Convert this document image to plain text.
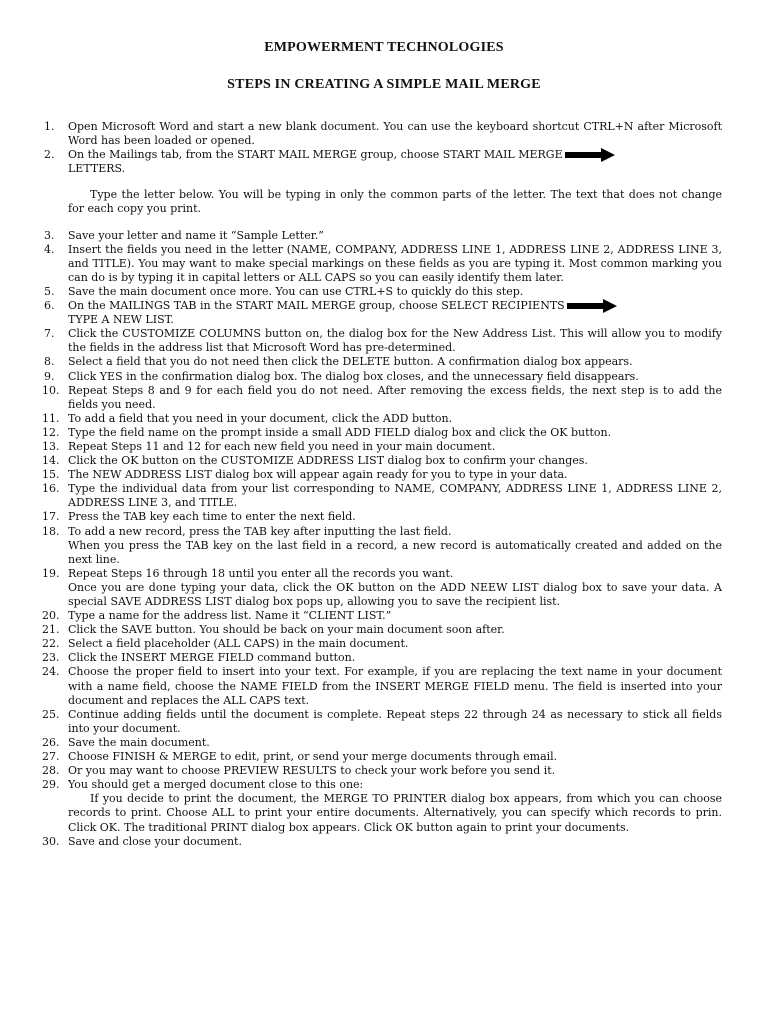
EMPOWERMENT TECHNOLOGIES
STEPS IN CREATING A SIMPLE MAIL MERGE
1. Open Microsoft Word and start a new blank document. You can use the keyboard shortcut CTRL+N after Microsoft Word has been loaded or opened.
2. On the Mailings tab, from the START MAIL MERGE group, choose START MAIL MERGE
LETTERS.
Type the letter below. You will be typing in only the common parts of the letter. The text that does not change for each copy you print.
3. Save your letter and name it “Sample Letter.”
4. Insert the fields you need in the letter (NAME, COMPANY, ADDRESS LINE 1, ADDRESS LINE 2, ADDRESS LINE 3, and TITLE). You may want to make special markings on these fields as you are typing it. Most common marking you can do is by typing it in capital letters or ALL CAPS so you can easily identify them later.
5. Save the main document once more. You can use CTRL+S to quickly do this step.
6. On the MAILINGS TAB in the START MAIL MERGE group, choose SELECT RECIPIENTS
TYPE A NEW LIST.
7. Click the CUSTOMIZE COLUMNS button on, the dialog box for the New Address List. This will allow you to modify the fields in the address list that Microsoft Word has pre-determined.
8. Select a field that you do not need then click the DELETE button. A confirmation dialog box appears.
9. Click YES in the confirmation dialog box. The dialog box closes, and the unnecessary field disappears.
10. Repeat Steps 8 and 9 for each field you do not need. After removing the excess fields, the next step is to add the fields you need.
11. To add a field that you need in your document, click the ADD button.
12. Type the field name on the prompt inside a small ADD FIELD dialog box and click the OK button.
13. Repeat Steps 11 and 12 for each new field you need in your main document.
14. Click the OK button on the CUSTOMIZE ADDRESS LIST dialog box to confirm your changes.
15. The NEW ADDRESS LIST dialog box will appear again ready for you to type in your data.
16. Type the individual data from your list corresponding to NAME, COMPANY, ADDRESS LINE 1, ADDRESS LINE 2, ADDRESS LINE 3, and TITLE.
17. Press the TAB key each time to enter the next field.
18. To add a new record, press the TAB key after inputting the last field.
When you press the TAB key on the last field in a record, a new record is automatically created and added on the next line.
19. Repeat Steps 16 through 18 until you enter all the records you want.
Once you are done typing your data, click the OK button on the ADD NEEW LIST dialog box to save your data. A special SAVE ADDRESS LIST dialog box pops up, allowing you to save the recipient list.
20. Type a name for the address list. Name it “CLIENT LIST.”
21. Click the SAVE button. You should be back on your main document soon after.
22. Select a field placeholder (ALL CAPS) in the main document.
23. Click the INSERT MERGE FIELD command button.
24. Choose the proper field to insert into your text. For example, if you are replacing the text name in your document with a name field, choose the NAME FIELD from the INSERT MERGE FIELD menu. The field is inserted into your document and replaces the ALL CAPS text.
25. Continue adding fields until the document is complete. Repeat steps 22 through 24 as necessary to stick all fields into your document.
26. Save the main document.
27. Choose FINISH & MERGE to edit, print, or send your merge documents through email.
28. Or you may want to choose PREVIEW RESULTS to check your work before you send it.
29. You should get a merged document close to this one:
If you decide to print the document, the MERGE TO PRINTER dialog box appears, from which you can choose records to print. Choose ALL to print your entire documents. Alternatively, you can specify which records to prin. Click OK. The traditional PRINT dialog box appears. Click OK button again to print your documents.
30. Save and close your document.
